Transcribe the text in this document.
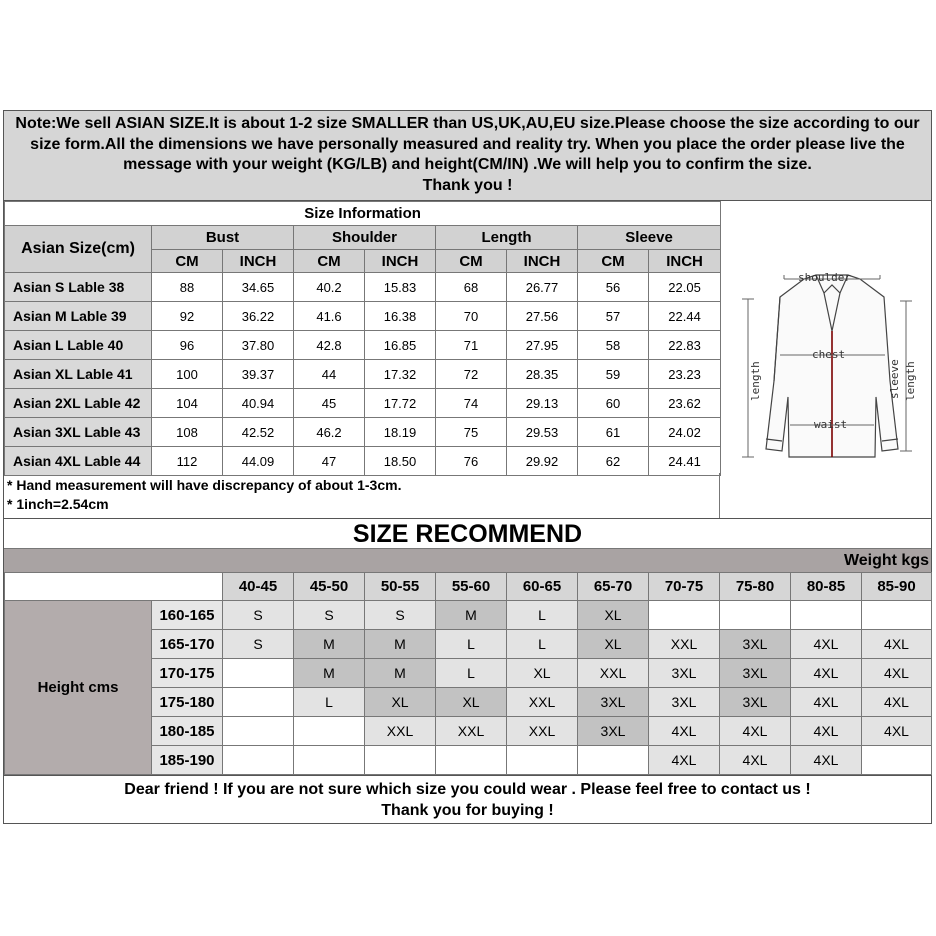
Note:We sell ASIAN SIZE.It is about 1-2 size SMALLER than US,UK,AU,EU size.Please choose the size according to our
size form.All the dimensions we have personally measured and reality try. When you place the order please live the
message with your weight (KG/LB) and height(CM/IN) .We will help you to confirm the size.
Thank you !
Size Information								
Asian Size(cm)	Bust		Shoulder		Length		Sleeve	
	CM	INCH	CM	INCH	CM	INCH	CM	INCH
Asian S Lable 38	88	34.65	40.2	15.83	68	26.77	56	22.05
Asian M Lable 39	92	36.22	41.6	16.38	70	27.56	57	22.44
Asian L Lable 40	96	37.80	42.8	16.85	71	27.95	58	22.83
Asian XL Lable 41	100	39.37	44	17.32	72	28.35	59	23.23
Asian 2XL Lable 42	104	40.94	45	17.72	74	29.13	60	23.62
Asian 3XL Lable 43	108	42.52	46.2	18.19	75	29.53	61	24.02
Asian 4XL Lable 44	112	44.09	47	18.50	76	29.92	62	24.41
* Hand measurement will have discrepancy of about 1-3cm.
* 1inch=2.54cm
shoulder
chest
waist
length	sleeve length
SIZE RECOMMEND
Weight kgs
		40-45	45-50	50-55	55-60	60-65	65-70	70-75	75-80	80-85	85-90
Height cms	160-165	S	S	S	M	L	XL				
	165-170	S	M	M	L	L	XL	XXL	3XL	4XL	4XL
	170-175		M	M	L	XL	XXL	3XL	3XL	4XL	4XL
	175-180		L	XL	XL	XXL	3XL	3XL	3XL	4XL	4XL
	180-185			XXL	XXL	XXL	3XL	4XL	4XL	4XL	4XL
	185-190							4XL	4XL	4XL	
Dear friend ! If you are not sure which size you could wear . Please feel free to contact us !
Thank you for buying !
